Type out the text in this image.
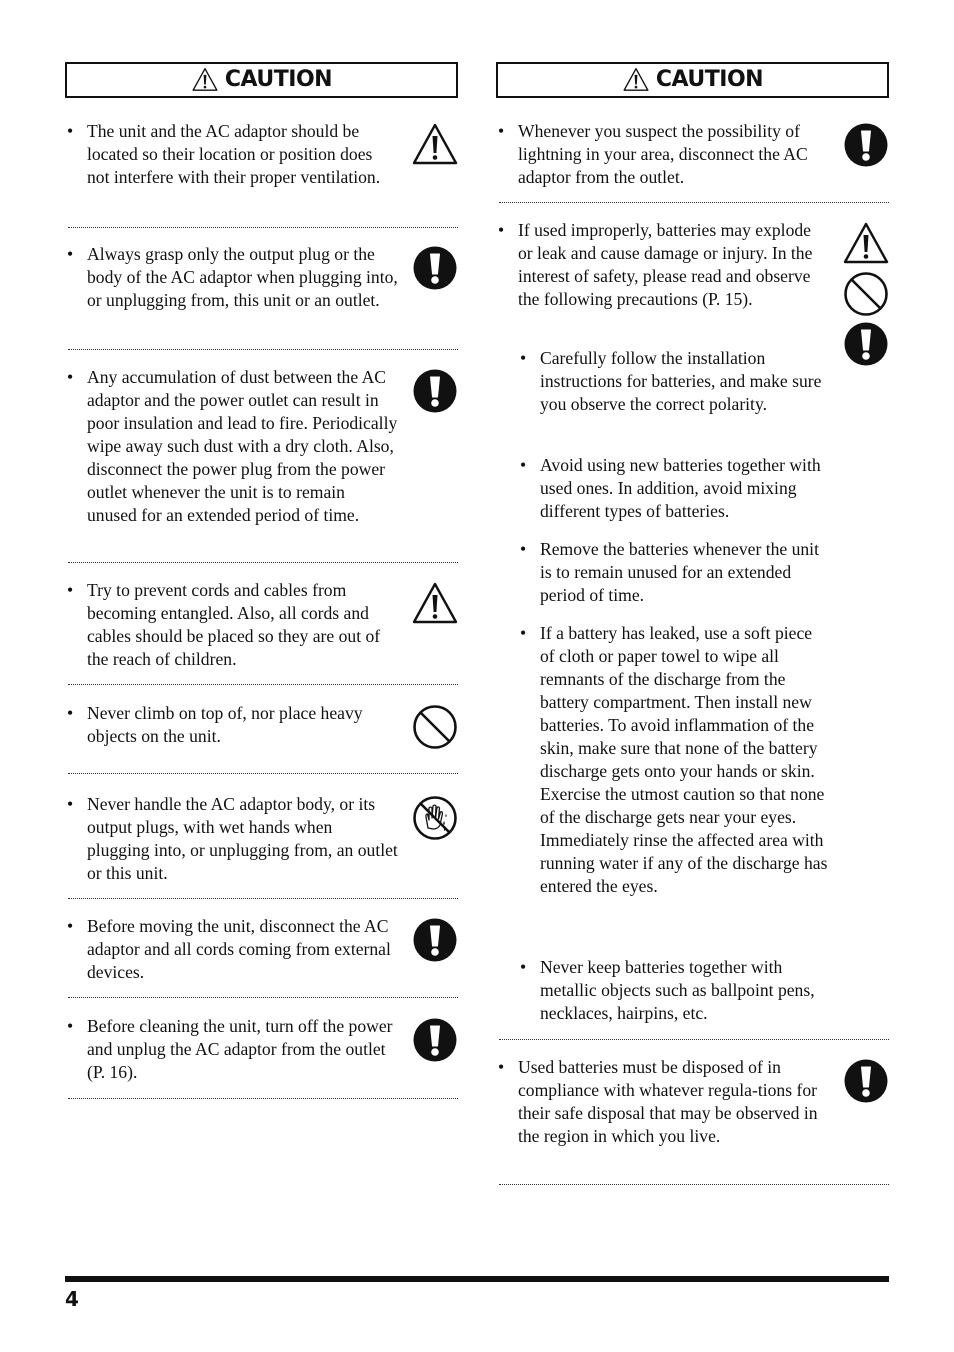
CAUTION
• The unit and the AC adaptor should be located so their location or position does not interfere with their proper ventilation.

• Always grasp only the output plug or the body of the AC adaptor when plugging into, or unplugging from, this unit or an outlet.

• Any accumulation of dust between the AC adaptor and the power outlet can result in poor insulation and lead to fire. Periodically wipe away such dust with a dry cloth. Also, disconnect the power plug from the power outlet whenever the unit is to remain unused for an extended period of time.

• Try to prevent cords and cables from becoming entangled. Also, all cords and cables should be placed so they are out of the reach of children.

• Never climb on top of, nor place heavy objects on the unit.

• Never handle the AC adaptor body, or its output plugs, with wet hands when plugging into, or unplugging from, an outlet or this unit.

• Before moving the unit, disconnect the AC adaptor and all cords coming from external devices.

• Before cleaning the unit, turn off the power and unplug the AC adaptor from the outlet (P. 16).

CAUTION
• Whenever you suspect the possibility of lightning in your area, disconnect the AC adaptor from the outlet.

• If used improperly, batteries may explode or leak and cause damage or injury. In the interest of safety, please read and observe the following precautions (P. 15).

• Carefully follow the installation instructions for batteries, and make sure you observe the correct polarity.

• Avoid using new batteries together with used ones. In addition, avoid mixing different types of batteries.

• Remove the batteries whenever the unit is to remain unused for an extended period of time.

• If a battery has leaked, use a soft piece of cloth or paper towel to wipe all remnants of the discharge from the battery compartment. Then install new batteries. To avoid inflammation of the skin, make sure that none of the battery discharge gets onto your hands or skin. Exercise the utmost caution so that none of the discharge gets near your eyes. Immediately rinse the affected area with running water if any of the discharge has entered the eyes.

• Never keep batteries together with metallic objects such as ballpoint pens, necklaces, hairpins, etc.

• Used batteries must be disposed of in compliance with whatever regula-tions for their safe disposal that may be observed in the region in which you live.

4
